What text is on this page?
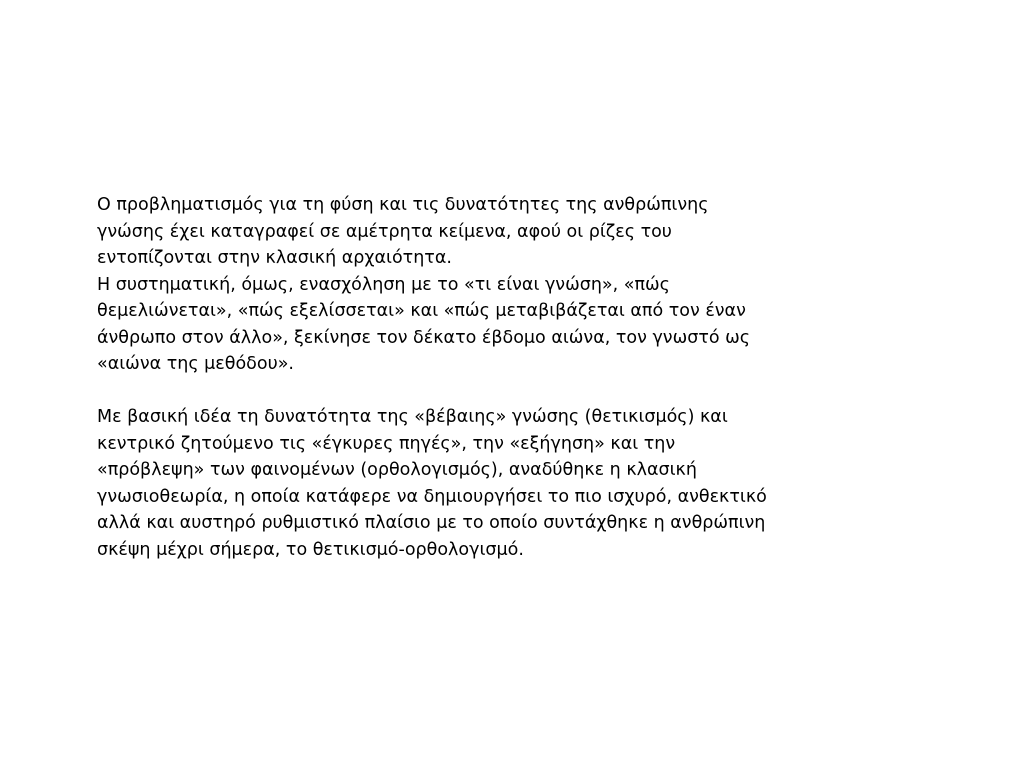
Ο προβληματισμός για τη φύση και τις δυνατότητες της ανθρώπινης
γνώσης έχει καταγραφεί σε αμέτρητα κείμενα, αφού οι ρίζες του
εντοπίζονται στην κλασική αρχαιότητα.
Η συστηματική, όμως, ενασχόληση με το «τι είναι γνώση», «πώς
θεμελιώνεται», «πώς εξελίσσεται» και «πώς μεταβιβάζεται από τον έναν
άνθρωπο στον άλλο», ξεκίνησε τον δέκατο έβδομο αιώνα, τον γνωστό ως
«αιώνα της μεθόδου».
Με βασική ιδέα τη δυνατότητα της «βέβαιης» γνώσης (θετικισμός) και
κεντρικό ζητούμενο τις «έγκυρες πηγές», την «εξήγηση» και την
«πρόβλεψη» των φαινομένων (ορθολογισμός), αναδύθηκε η κλασική
γνωσιοθεωρία, η οποία κατάφερε να δημιουργήσει το πιο ισχυρό, ανθεκτικό
αλλά και αυστηρό ρυθμιστικό πλαίσιο με το οποίο συντάχθηκε η ανθρώπινη
σκέψη μέχρι σήμερα, το θετικισμό-ορθολογισμό.
